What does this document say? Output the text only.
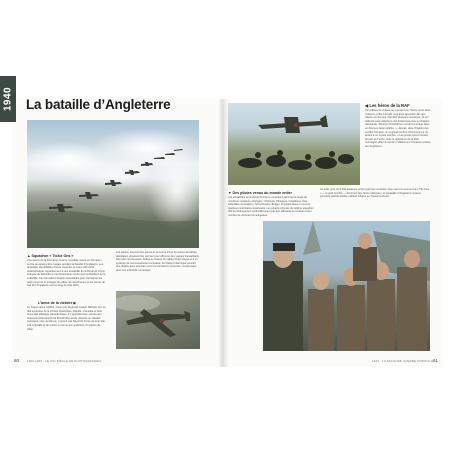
1940 La bataille d’Angleterre
▲ Squadron « Tickle Ons »
Ces avions de la Deuxième Guerre mondiale volent en formation serrée au-dessus des nuages pendant la bataille d’Angleterre. Les appareils, identifiables à leurs cocardes et à leur silhouette caractéristique, appartiennent à une escadrille de la Royal Air Force chargée de défendre le ciel britannique contre les bombardiers de la Luftwaffe. Ces formations étaient essentielles pour intercepter les raids ennemis et protéger les villes, les aérodromes et les usines du sud de l’Angleterre tout au long de l’été 1940.
Les pilotes, souvent très jeunes et au terme d’une formation accélérée, décollaient plusieurs fois par jour pour affronter des vagues d’assaillants bien plus nombreuses. Grâce au réseau de radars Chain Home et à un système de commandement centralisé, la chasse britannique pouvait être dirigée avec précision vers les formations ennemies, compensant ainsi son infériorité numérique.
L’arme de la victoire ▶
Le Supermarine Spitfire, conçu par Reginald Joseph Mitchell, fut l’un des symboles de la victoire britannique. Rapide, maniable et doté d’une aile elliptique caractéristique, il s’opposait avec succès aux chasseurs Messerschmitt Bf 109 allemands. Associé au Hawker Hurricane, plus nombreux, il permit à la Royal Air Force de tenir tête à la Luftwaffe et de mettre un terme aux ambitions d’invasion de Hitler.
60	1900-1949 · LE XXe SIÈCLE EN PHOTOGRAPHIES
◀ Les héros de la RAF
Ces pilotes de chasse se reposent sur l’herbe entre deux missions, prêts à bondir vers leurs appareils dès que l’alerte est donnée. Pendant plusieurs semaines, ils ont défendu sans relâche le ciel britannique face à l’aviation allemande. Winston Churchill leur rendit hommage dans un discours resté célèbre : « Jamais, dans l’histoire des conflits humains, un si grand nombre d’hommes n’a dû autant à un si petit nombre. » Les pertes furent lourdes de part et d’autre, mais la résistance de la RAF contraignit Hitler à reporter indéfiniment l’invasion prévue de l’Angleterre.
▼ Des pilotes venus du monde entier
Les escadrilles de la Royal Air Force comptaient dans leurs rangs de nombreux aviateurs étrangers : Polonais, Tchèques, Canadiens, Néo-Zélandais, Australiens, Sud-Africains, Belges, Français libres ou encore quelques volontaires américains. Les pilotes polonais du célèbre squadron 303 se distinguèrent particulièrement par leur efficacité au combat et leur nombre de victoires homologuées.
Au total, près de 3 000 aviateurs prirent part aux combats. Ceux que l’on surnomma « The Few » — le petit nombre — devinrent des héros nationaux, et la bataille d’Angleterre reste la première grande défaite militaire infligée au Troisième Reich.
61
1940 · LA SECONDE GUERRE MONDIALE
